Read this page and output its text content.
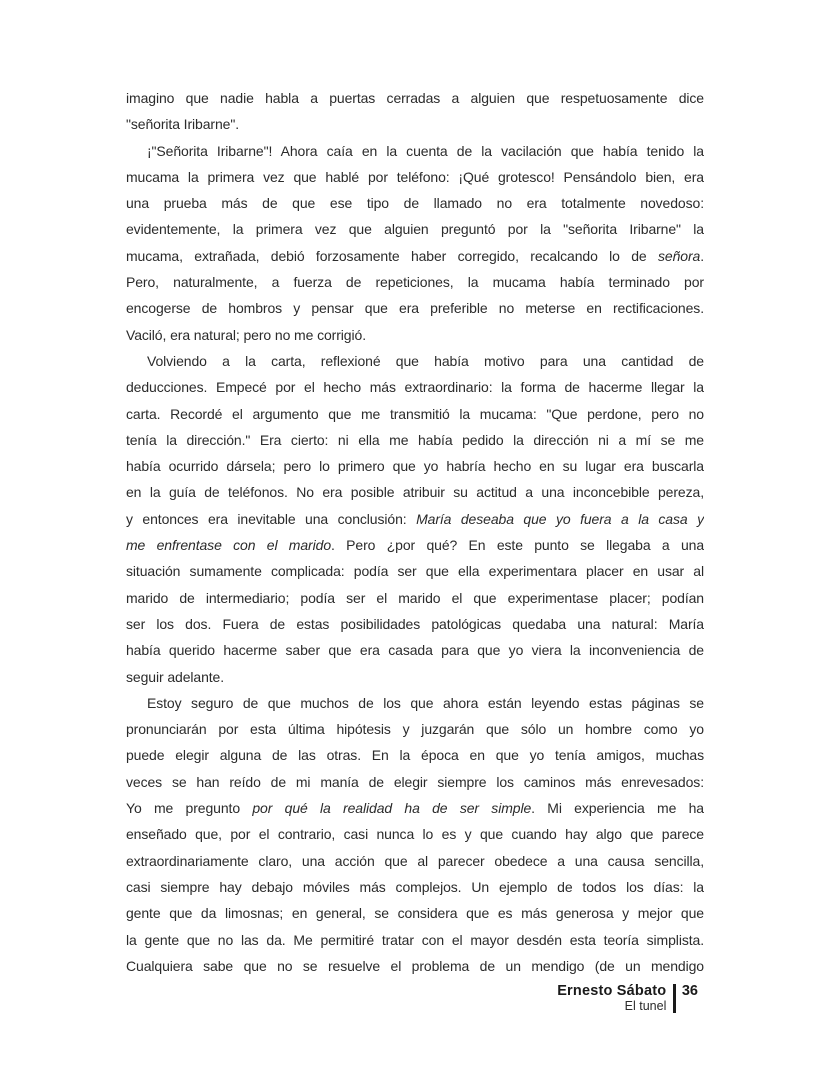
imagino que nadie habla a puertas cerradas a alguien que respetuosamente dice
"señorita Iribarne".
¡"Señorita Iribarne"! Ahora caía en la cuenta de la vacilación que había tenido la
mucama la primera vez que hablé por teléfono: ¡Qué grotesco! Pensándolo bien, era
una prueba más de que ese tipo de llamado no era totalmente novedoso:
evidentemente, la primera vez que alguien preguntó por la "señorita Iribarne" la
mucama, extrañada, debió forzosamente haber corregido, recalcando lo de señora.
Pero, naturalmente, a fuerza de repeticiones, la mucama había terminado por
encogerse de hombros y pensar que era preferible no meterse en rectificaciones.
Vaciló, era natural; pero no me corrigió.
Volviendo a la carta, reflexioné que había motivo para una cantidad de
deducciones. Empecé por el hecho más extraordinario: la forma de hacerme llegar la
carta. Recordé el argumento que me transmitió la mucama: "Que perdone, pero no
tenía la dirección." Era cierto: ni ella me había pedido la dirección ni a mí se me
había ocurrido dársela; pero lo primero que yo habría hecho en su lugar era buscarla
en la guía de teléfonos. No era posible atribuir su actitud a una inconcebible pereza,
y entonces era inevitable una conclusión: María deseaba que yo fuera a la casa y
me enfrentase con el marido. Pero ¿por qué? En este punto se llegaba a una
situación sumamente complicada: podía ser que ella experimentara placer en usar al
marido de intermediario; podía ser el marido el que experimentase placer; podían
ser los dos. Fuera de estas posibilidades patológicas quedaba una natural: María
había querido hacerme saber que era casada para que yo viera la inconveniencia de
seguir adelante.
Estoy seguro de que muchos de los que ahora están leyendo estas páginas se
pronunciarán por esta última hipótesis y juzgarán que sólo un hombre como yo
puede elegir alguna de las otras. En la época en que yo tenía amigos, muchas
veces se han reído de mi manía de elegir siempre los caminos más enrevesados:
Yo me pregunto por qué la realidad ha de ser simple. Mi experiencia me ha
enseñado que, por el contrario, casi nunca lo es y que cuando hay algo que parece
extraordinariamente claro, una acción que al parecer obedece a una causa sencilla,
casi siempre hay debajo móviles más complejos. Un ejemplo de todos los días: la
gente que da limosnas; en general, se considera que es más generosa y mejor que
la gente que no las da. Me permitiré tratar con el mayor desdén esta teoría simplista.
Cualquiera sabe que no se resuelve el problema de un mendigo (de un mendigo
Ernesto Sábato
El tunel
36
